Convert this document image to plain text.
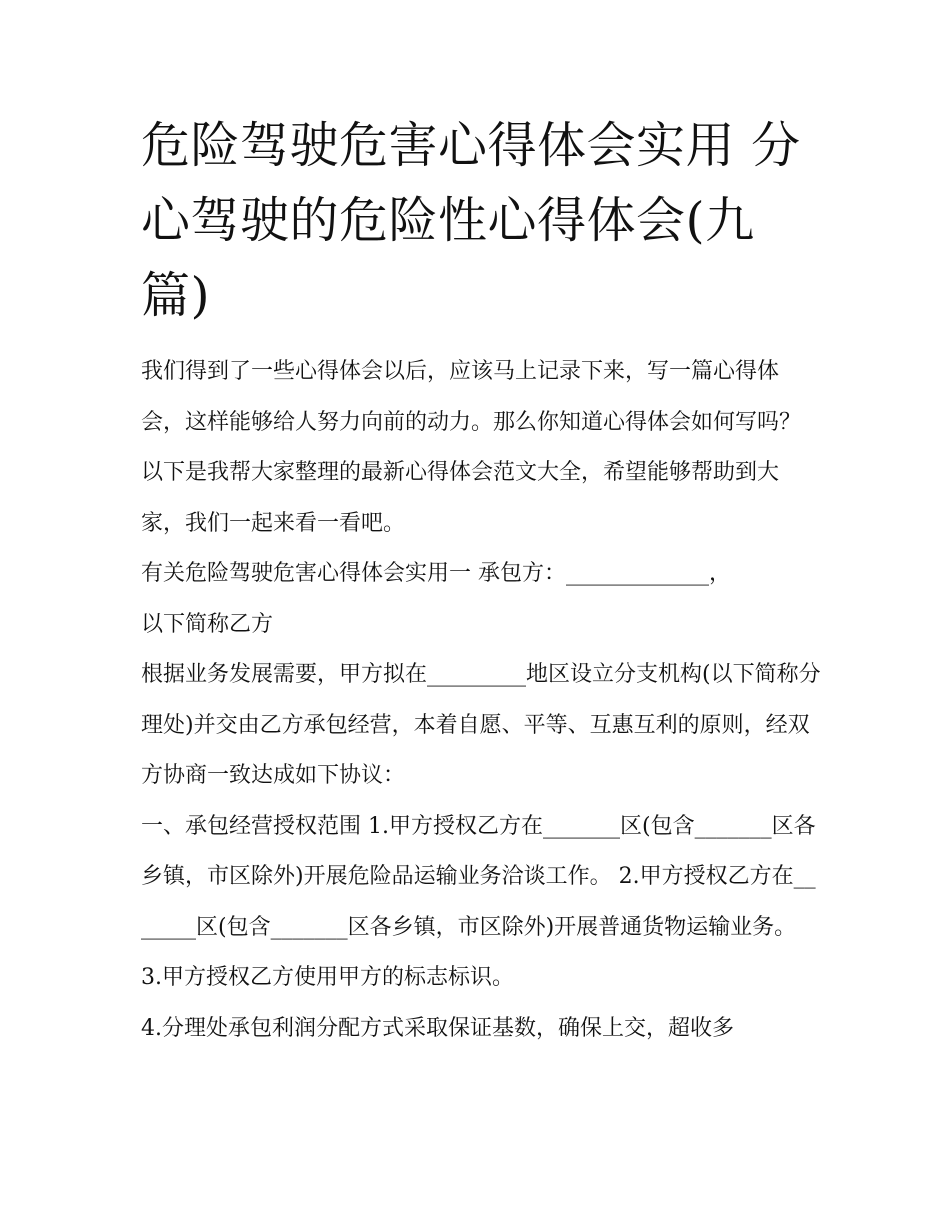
危险驾驶危害心得体会实用 分心驾驶的危险性心得体会(九篇)

我们得到了一些心得体会以后，应该马上记录下来，写一篇心得体会，这样能够给人努力向前的动力。那么你知道心得体会如何写吗？以下是我帮大家整理的最新心得体会范文大全，希望能够帮助到大家，我们一起来看一看吧。

有关危险驾驶危害心得体会实用一 承包方：_____________，

以下简称乙方

根据业务发展需要，甲方拟在_________地区设立分支机构(以下简称分理处)并交由乙方承包经营，本着自愿、平等、互惠互利的原则，经双方协商一致达成如下协议：

一、承包经营授权范围 1.甲方授权乙方在_______区(包含_______区各乡镇，市区除外)开展危险品运输业务洽谈工作。 2.甲方授权乙方在_______区(包含_______区各乡镇，市区除外)开展普通货物运输业务。 3.甲方授权乙方使用甲方的标志标识。

4.分理处承包利润分配方式采取保证基数，确保上交，超收多
